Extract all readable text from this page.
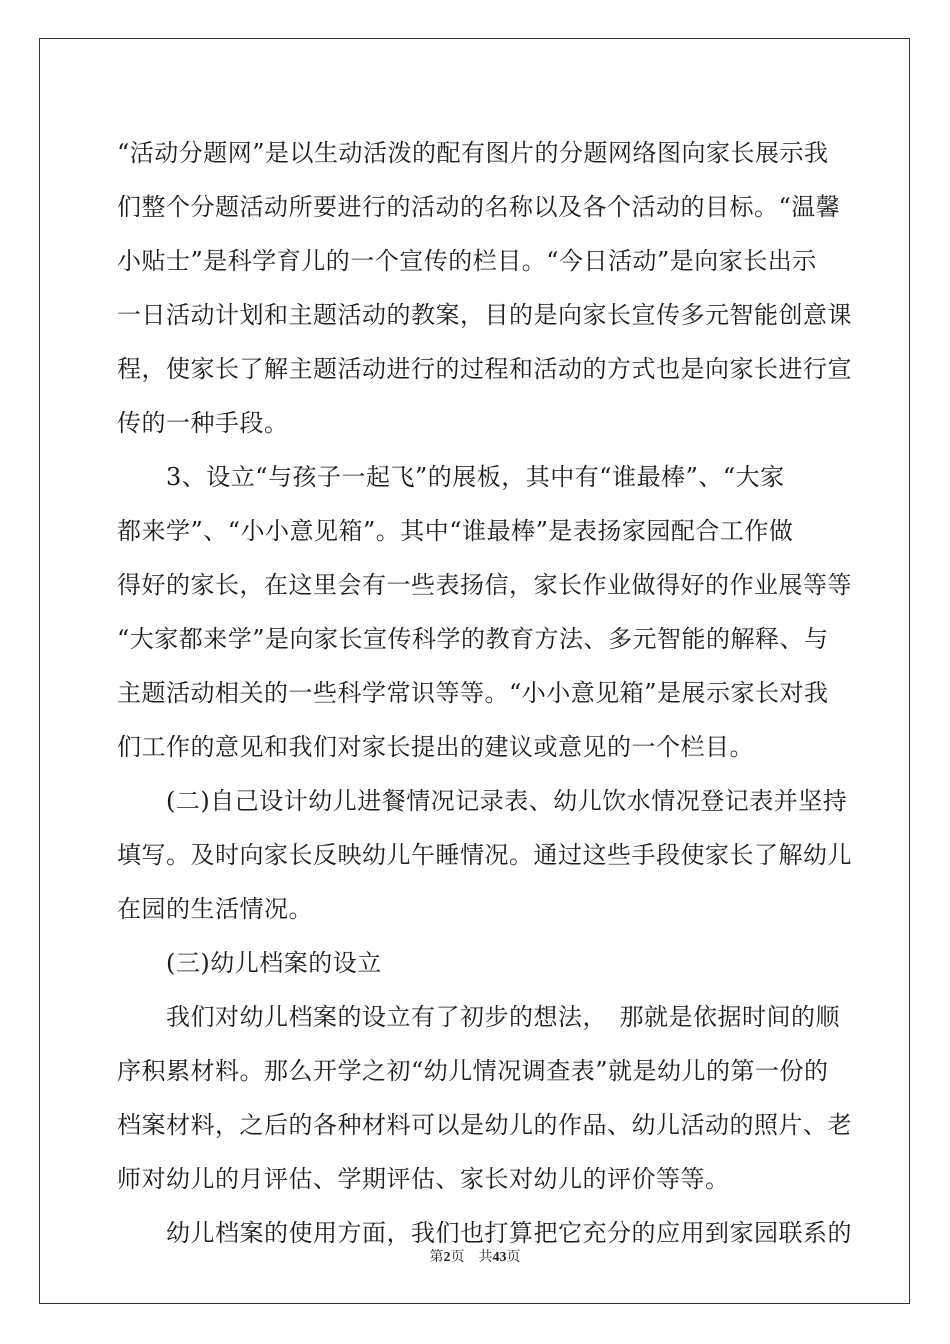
“活动分题网”是以生动活泼的配有图片的分题网络图向家长展示我
们整个分题活动所要进行的活动的名称以及各个活动的目标。“温馨
小贴士”是科学育儿的一个宣传的栏目。“今日活动”是向家长出示
一日活动计划和主题活动的教案，目的是向家长宣传多元智能创意课
程，使家长了解主题活动进行的过程和活动的方式也是向家长进行宣
传的一种手段。
　　3、设立“与孩子一起飞”的展板，其中有“谁最棒”、“大家
都来学”、“小小意见箱”。其中“谁最棒”是表扬家园配合工作做
得好的家长，在这里会有一些表扬信，家长作业做得好的作业展等等
“大家都来学”是向家长宣传科学的教育方法、多元智能的解释、与
主题活动相关的一些科学常识等等。“小小意见箱”是展示家长对我
们工作的意见和我们对家长提出的建议或意见的一个栏目。
　　(二)自己设计幼儿进餐情况记录表、幼儿饮水情况登记表并坚持
填写。及时向家长反映幼儿午睡情况。通过这些手段使家长了解幼儿
在园的生活情况。
　　(三)幼儿档案的设立
　　我们对幼儿档案的设立有了初步的想法，　那就是依据时间的顺
序积累材料。那么开学之初“幼儿情况调查表”就是幼儿的第一份的
档案材料，之后的各种材料可以是幼儿的作品、幼儿活动的照片、老
师对幼儿的月评估、学期评估、家长对幼儿的评价等等。
　　幼儿档案的使用方面，我们也打算把它充分的应用到家园联系的
第2页 共43页
